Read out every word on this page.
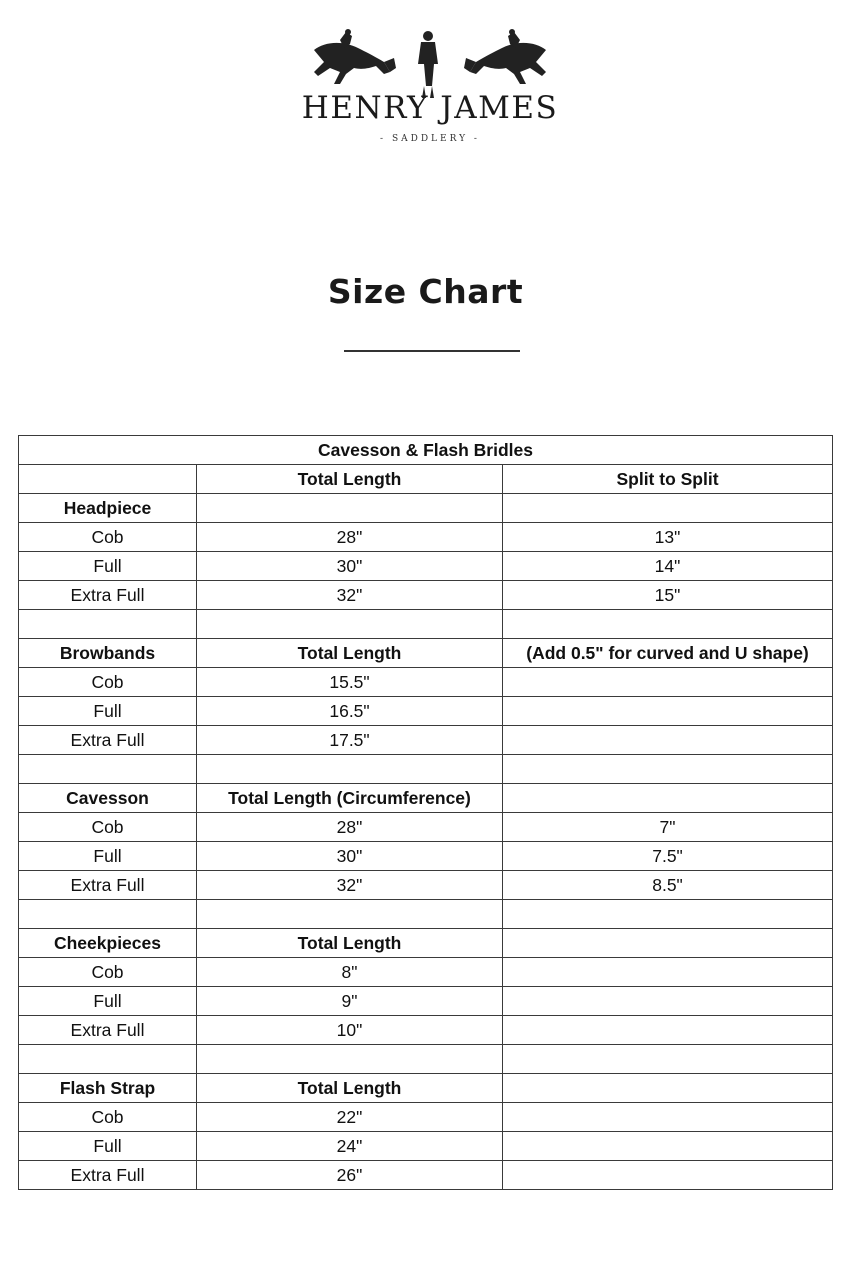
HENRY JAMES
- SADDLERY -
Size Chart
Cavesson & Flash Bridles		
	Total Length	Split to Split
Headpiece		
Cob	28"	13"
Full	30"	14"
Extra Full	32"	15"

Browbands	Total Length	(Add 0.5" for curved and U shape)
Cob	15.5"	
Full	16.5"	
Extra Full	17.5"	

Cavesson	Total Length (Circumference)	
Cob	28"	7"
Full	30"	7.5"
Extra Full	32"	8.5"

Cheekpieces	Total Length	
Cob	8"	
Full	9"	
Extra Full	10"	

Flash Strap	Total Length	
Cob	22"	
Full	24"	
Extra Full	26"	
